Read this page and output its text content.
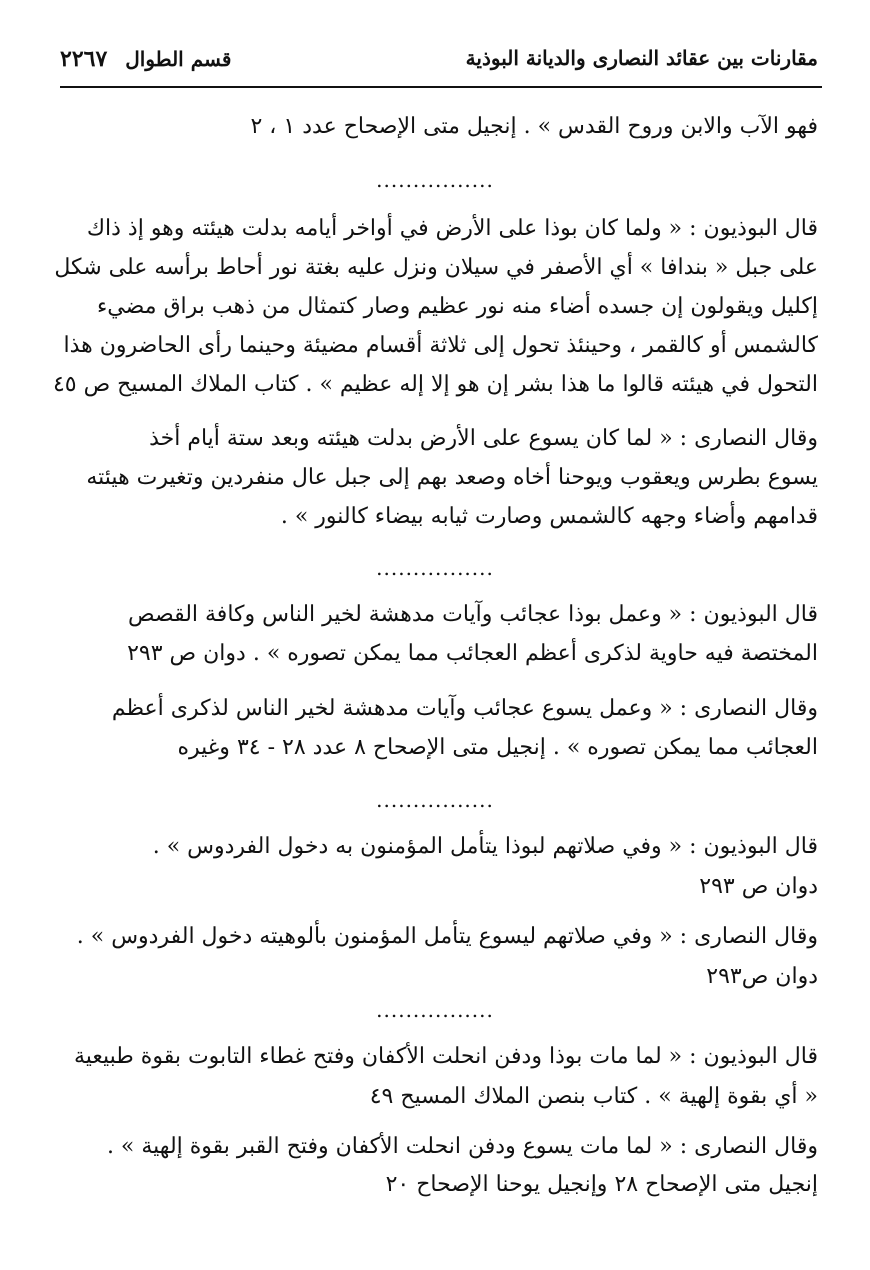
مقارنات بين عقائد النصارى والديانة البوذية
قسم الطوال٢٢٦٧
فهو الآب والابن وروح القدس » . إنجيل متى الإصحاح عدد ١ ، ٢
................
قال البوذيون : « ولما كان بوذا على الأرض في أواخر أيامه بدلت هيئته وهو إذ ذاك
على جبل « بندافا » أي الأصفر في سيلان ونزل عليه بغتة نور أحاط برأسه على شكل
إكليل ويقولون إن جسده أضاء منه نور عظيم وصار كتمثال من ذهب براق مضيء
كالشمس أو كالقمر ، وحينئذ تحول إلى ثلاثة أقسام مضيئة وحينما رأى الحاضرون هذا
التحول في هيئته قالوا ما هذا بشر إن هو إلا إله عظيم » . كتاب الملاك المسيح ص ٤٥
وقال النصارى : « لما كان يسوع على الأرض بدلت هيئته وبعد ستة أيام أخذ
يسوع بطرس ويعقوب ويوحنا أخاه وصعد بهم إلى جبل عال منفردين وتغيرت هيئته
قدامهم وأضاء وجهه كالشمس وصارت ثيابه بيضاء كالنور » .
................
قال البوذيون : « وعمل بوذا عجائب وآيات مدهشة لخير الناس وكافة القصص
المختصة فيه حاوية لذكرى أعظم العجائب مما يمكن تصوره » . دوان ص ٢٩٣
وقال النصارى : « وعمل يسوع عجائب وآيات مدهشة لخير الناس لذكرى أعظم
العجائب مما يمكن تصوره » . إنجيل متى الإصحاح ٨ عدد ٢٨ - ٣٤ وغيره
................
قال البوذيون : « وفي صلاتهم لبوذا يتأمل المؤمنون به دخول الفردوس » .
دوان ص ٢٩٣
وقال النصارى : « وفي صلاتهم ليسوع يتأمل المؤمنون بألوهيته دخول الفردوس » .
دوان ص٢٩٣
................
قال البوذيون : « لما مات بوذا ودفن انحلت الأكفان وفتح غطاء التابوت بقوة طبيعية
« أي بقوة إلهية » . كتاب بنصن الملاك المسيح ٤٩
وقال النصارى : « لما مات يسوع ودفن انحلت الأكفان وفتح القبر بقوة إلهية » .
إنجيل متى الإصحاح ٢٨ وإنجيل يوحنا الإصحاح ٢٠
